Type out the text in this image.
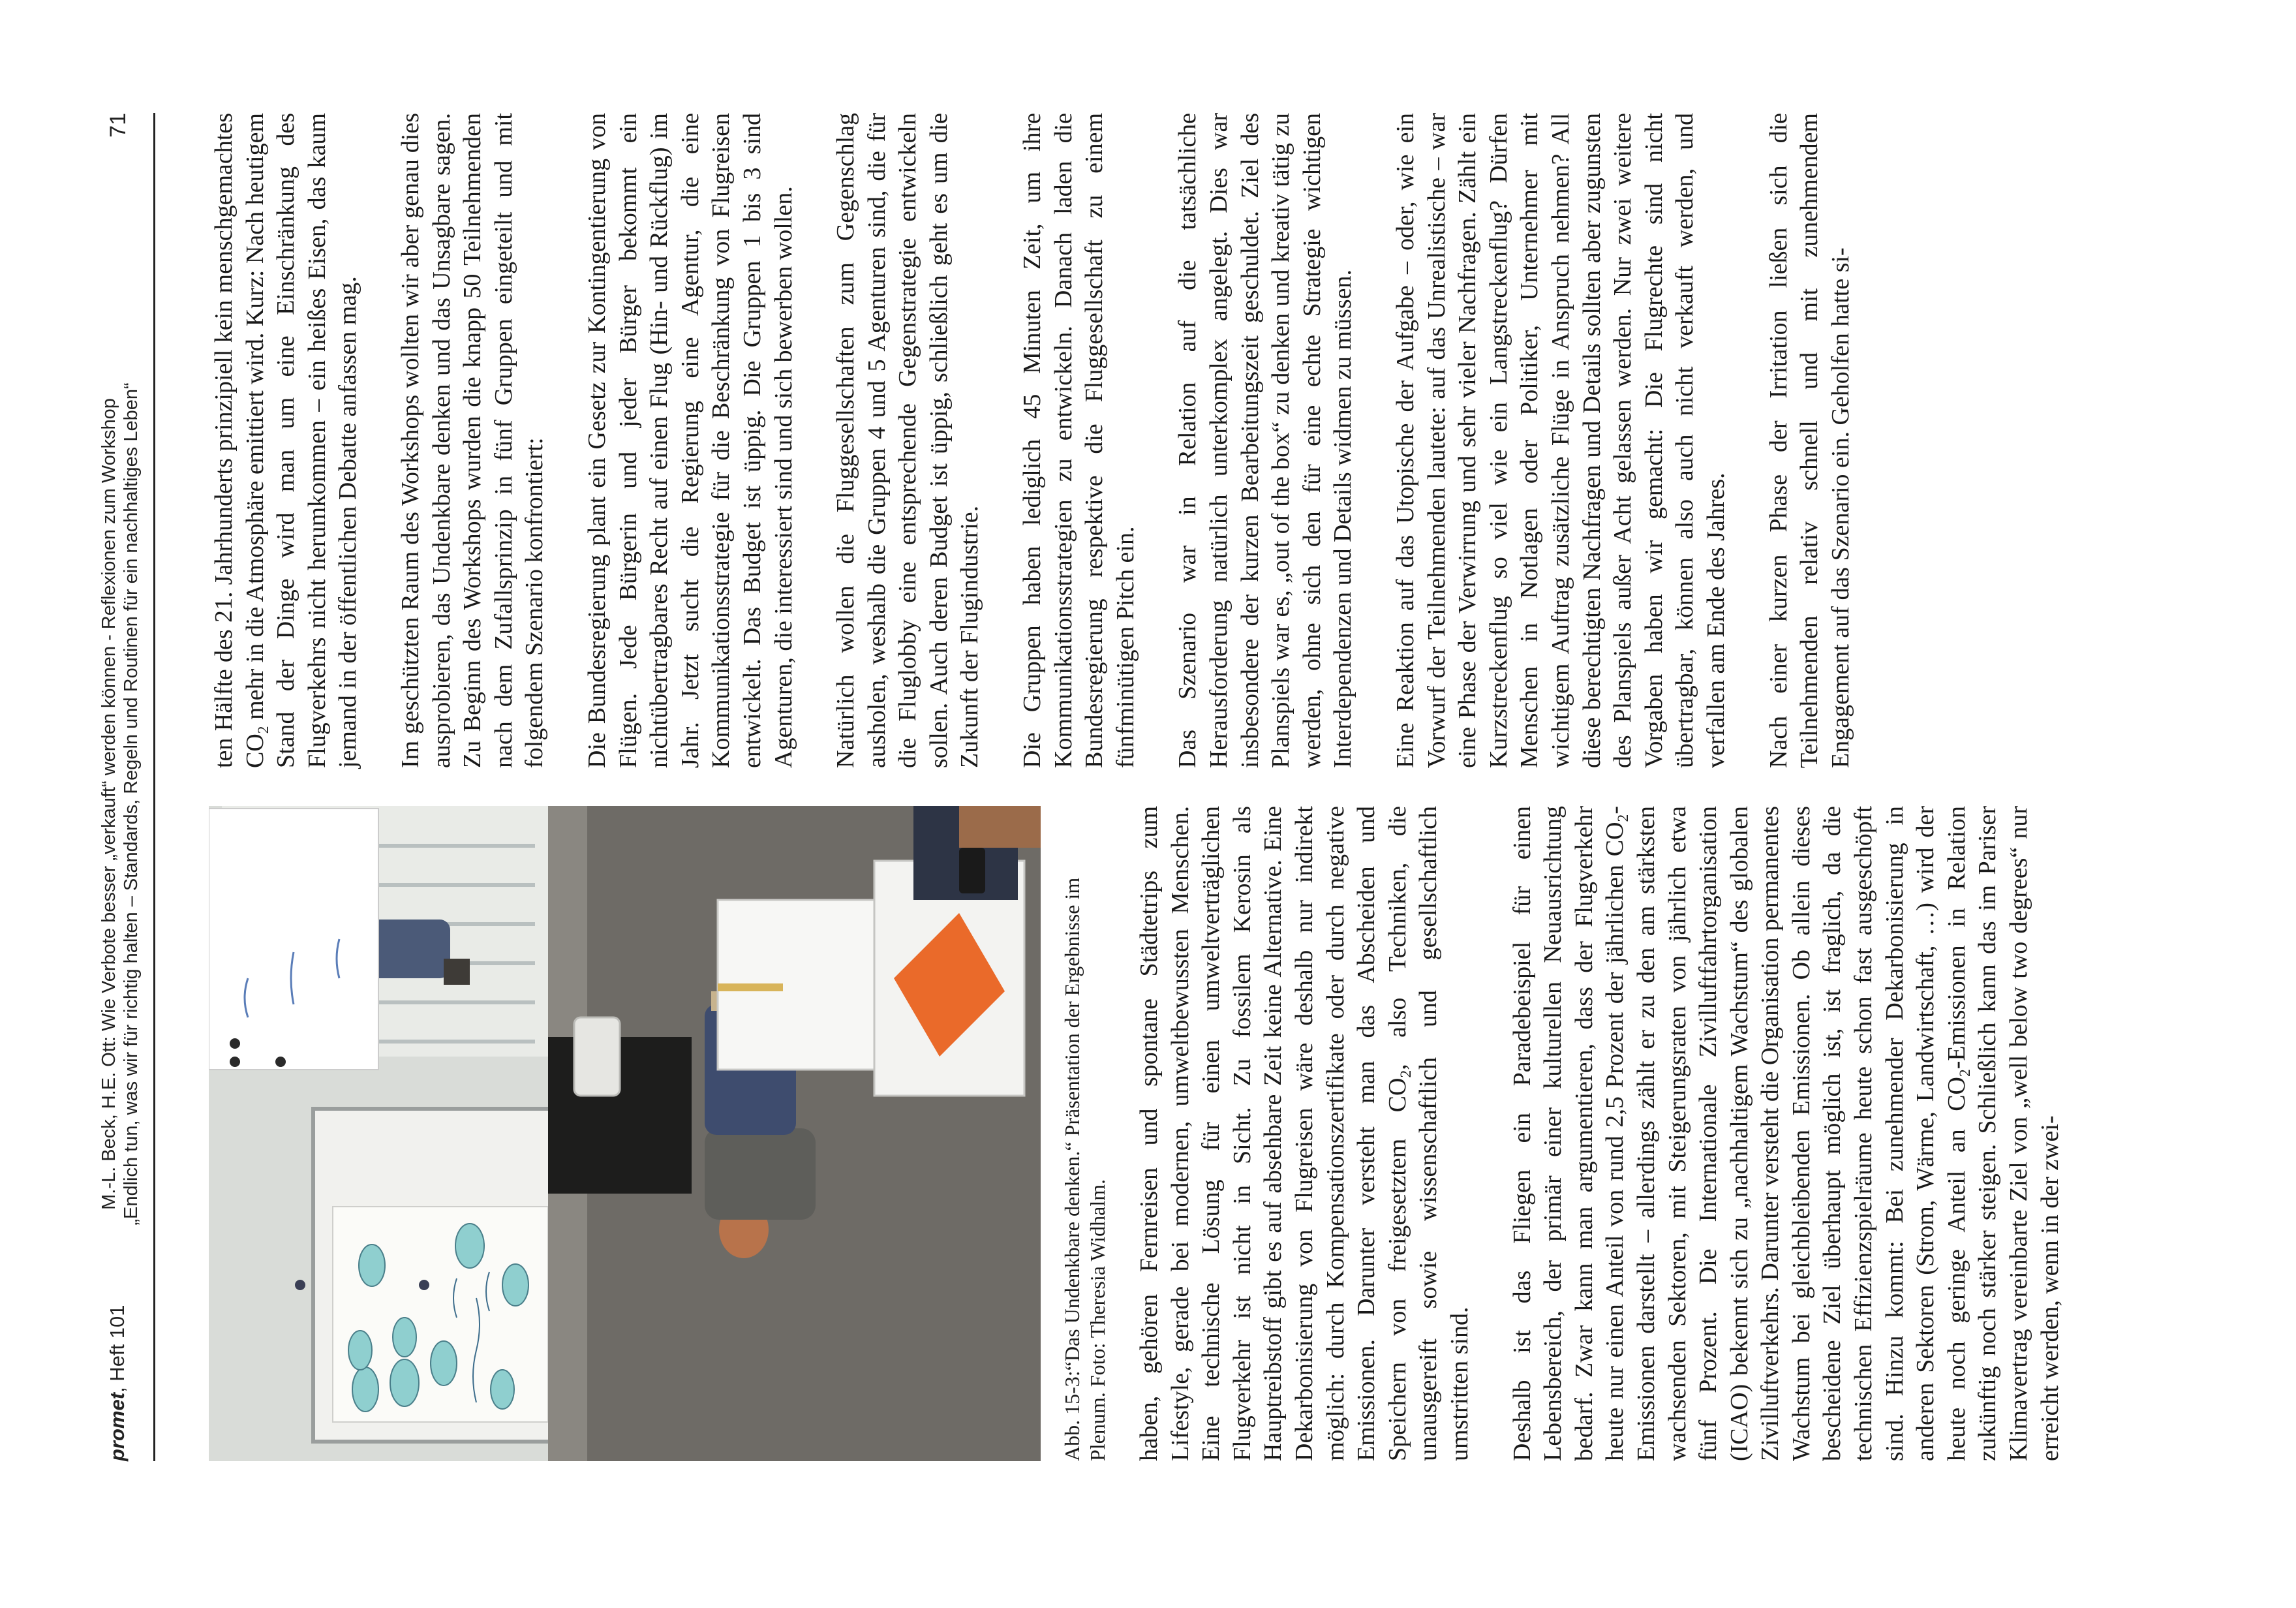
promet, Heft 101
M.-L. Beck, H.E. Ott: Wie Verbote besser „verkauft“ werden können - Reflexionen zum Workshop „Endlich tun, was wir für richtig halten – Standards, Regeln und Routinen für ein nachhaltiges Leben“
71

Abb. 15-3:“Das Undenkbare denken.“ Präsentation der Ergebnisse im Plenum. Foto: Theresia Widhalm. haben, gehören Fernreisen und spontane Städtetrips zum Lifestyle, gerade bei modernen, umweltbewussten Menschen. Eine technische Lösung für einen umweltverträglichen Flugverkehr ist nicht in Sicht. Zu fossilem Kerosin als Hauptreibstoff gibt es auf absehbare Zeit keine Alternative. Eine Dekarbonisierung von Flugreisen wäre deshalb nur indirekt möglich: durch Kompensationszertifikate oder durch negative Emissionen. Darunter versteht man das Abscheiden und Speichern von freigesetztem $CO_2$, also Techniken, die unausgereift sowie wissenschaftlich und gesellschaftlich umstritten sind. Deshalb ist das Fliegen ein Paradebeispiel für einen Lebensbereich, der primär einer kulturellen Neuausrichtung bedarf. Zwar kann man argumentieren, dass der Flugverkehr heute nur einen Anteil von rund 2,5 Prozent der jährlichen $CO_2$-Emissionen darstellt – allerdings zählt er zu den am stärksten wachsenden Sektoren, mit Steigerungsraten von jährlich etwa fünf Prozent. Die Internationale Zivilluftfahrtorganisation (ICAO) bekennt sich zu „nachhaltigem Wachstum“ des globalen Zivilluftverkehrs. Darunter versteht die Organisation permanentes Wachstum bei gleichbleibenden Emissionen. Ob allein dieses bescheidene Ziel überhaupt möglich ist, ist fraglich, da die technischen Effizienzspielräume heute schon fast ausgeschöpft sind. Hinzu kommt: Bei zunehmender Dekarbonisierung in anderen Sektoren (Strom, Wärme, Landwirtschaft, …) wird der heute noch geringe Anteil an $CO_2$-Emissionen in Relation zukünftig noch stärker steigen. Schließlich kann das im Pariser Klimavertrag vereinbarte Ziel von „well below two degrees“ nur erreicht werden, wenn in der zwei-

ten Hälfte des 21. Jahrhunderts prinzipiell kein menschgemachtes $CO_2$ mehr in die Atmosphäre emittiert wird. Kurz: Nach heutigem Stand der Dinge wird man um eine Einschränkung des Flugverkehrs nicht herumkommen – ein heißes Eisen, das kaum jemand in der öffentlichen Debatte anfassen mag. Im geschützten Raum des Workshops wollten wir aber genau dies ausprobieren, das Undenkbare denken und das Unsagbare sagen. Zu Beginn des Workshops wurden die knapp 50 Teilnehmenden nach dem Zufallsprinzip in fünf Gruppen eingeteilt und mit folgendem Szenario konfrontiert: Die Bundesregierung plant ein Gesetz zur Kontingentierung von Flügen. Jede Bürgerin und jeder Bürger bekommt ein nichtübertragbares Recht auf einen Flug (Hin- und Rückflug) im Jahr. Jetzt sucht die Regierung eine Agentur, die eine Kommunikationsstrategie für die Beschränkung von Flugreisen entwickelt. Das Budget ist üppig. Die Gruppen 1 bis 3 sind Agenturen, die interessiert sind und sich bewerben wollen. Natürlich wollen die Fluggesellschaften zum Gegenschlag ausholen, weshalb die Gruppen 4 und 5 Agenturen sind, die für die Fluglobby eine entsprechende Gegenstrategie entwickeln sollen. Auch deren Budget ist üppig, schließlich geht es um die Zukunft der Flugindustrie. Die Gruppen haben lediglich 45 Minuten Zeit, um ihre Kommunikationsstrategien zu entwickeln. Danach laden die Bundesregierung respektive die Fluggesellschaft zu einem fünfminütigen Pitch ein. Das Szenario war in Relation auf die tatsächliche Herausforderung natürlich unterkomplex angelegt. Dies war insbesondere der kurzen Bearbeitungszeit geschuldet. Ziel des Planspiels war es, „out of the box“ zu denken und kreativ tätig zu werden, ohne sich den für eine echte Strategie wichtigen Interdependenzen und Details widmen zu müssen. Eine Reaktion auf das Utopische der Aufgabe – oder, wie ein Vorwurf der Teilnehmenden lautete: auf das Unrealistische – war eine Phase der Verwirrung und sehr vieler Nachfragen. Zählt ein Kurzstreckenflug so viel wie ein Langstreckenflug? Dürfen Menschen in Notlagen oder Politiker, Unternehmer mit wichtigem Auftrag zusätzliche Flüge in Anspruch nehmen? All diese berechtigten Nachfragen und Details sollten aber zugunsten des Planspiels außer Acht gelassen werden. Nur zwei weitere Vorgaben haben wir gemacht: Die Flugrechte sind nicht übertragbar, können also auch nicht verkauft werden, und verfallen am Ende des Jahres. Nach einer kurzen Phase der Irritation ließen sich die Teilnehmenden relativ schnell und mit zunehmendem Engagement auf das Szenario ein. Geholfen hatte si-
